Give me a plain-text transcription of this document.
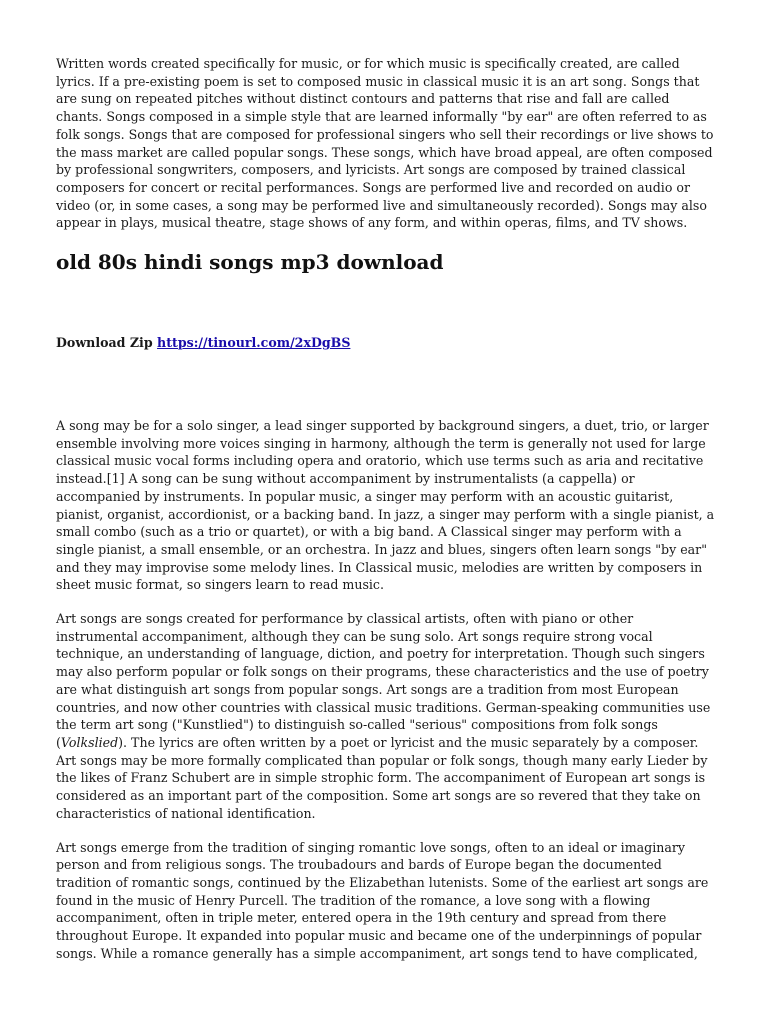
Written words created specifically for music, or for which music is specifically created, are called lyrics. If a pre-existing poem is set to composed music in classical music it is an art song. Songs that are sung on repeated pitches without distinct contours and patterns that rise and fall are called chants. Songs composed in a simple style that are learned informally "by ear" are often referred to as folk songs. Songs that are composed for professional singers who sell their recordings or live shows to the mass market are called popular songs. These songs, which have broad appeal, are often composed by professional songwriters, composers, and lyricists. Art songs are composed by trained classical composers for concert or recital performances. Songs are performed live and recorded on audio or video (or, in some cases, a song may be performed live and simultaneously recorded). Songs may also appear in plays, musical theatre, stage shows of any form, and within operas, films, and TV shows.

old 80s hindi songs mp3 download
Download Zip https://tinourl.com/2xDgBS

A song may be for a solo singer, a lead singer supported by background singers, a duet, trio, or larger ensemble involving more voices singing in harmony, although the term is generally not used for large classical music vocal forms including opera and oratorio, which use terms such as aria and recitative instead.[1] A song can be sung without accompaniment by instrumentalists (a cappella) or accompanied by instruments. In popular music, a singer may perform with an acoustic guitarist, pianist, organist, accordionist, or a backing band. In jazz, a singer may perform with a single pianist, a small combo (such as a trio or quartet), or with a big band. A Classical singer may perform with a single pianist, a small ensemble, or an orchestra. In jazz and blues, singers often learn songs "by ear" and they may improvise some melody lines. In Classical music, melodies are written by composers in sheet music format, so singers learn to read music.

Art songs are songs created for performance by classical artists, often with piano or other instrumental accompaniment, although they can be sung solo. Art songs require strong vocal technique, an understanding of language, diction, and poetry for interpretation. Though such singers may also perform popular or folk songs on their programs, these characteristics and the use of poetry are what distinguish art songs from popular songs. Art songs are a tradition from most European countries, and now other countries with classical music traditions. German-speaking communities use the term art song ("Kunstlied") to distinguish so-called "serious" compositions from folk songs (Volkslied). The lyrics are often written by a poet or lyricist and the music separately by a composer. Art songs may be more formally complicated than popular or folk songs, though many early Lieder by the likes of Franz Schubert are in simple strophic form. The accompaniment of European art songs is considered as an important part of the composition. Some art songs are so revered that they take on characteristics of national identification.

Art songs emerge from the tradition of singing romantic love songs, often to an ideal or imaginary person and from religious songs. The troubadours and bards of Europe began the documented tradition of romantic songs, continued by the Elizabethan lutenists. Some of the earliest art songs are found in the music of Henry Purcell. The tradition of the romance, a love song with a flowing accompaniment, often in triple meter, entered opera in the 19th century and spread from there throughout Europe. It expanded into popular music and became one of the underpinnings of popular songs. While a romance generally has a simple accompaniment, art songs tend to have complicated,
